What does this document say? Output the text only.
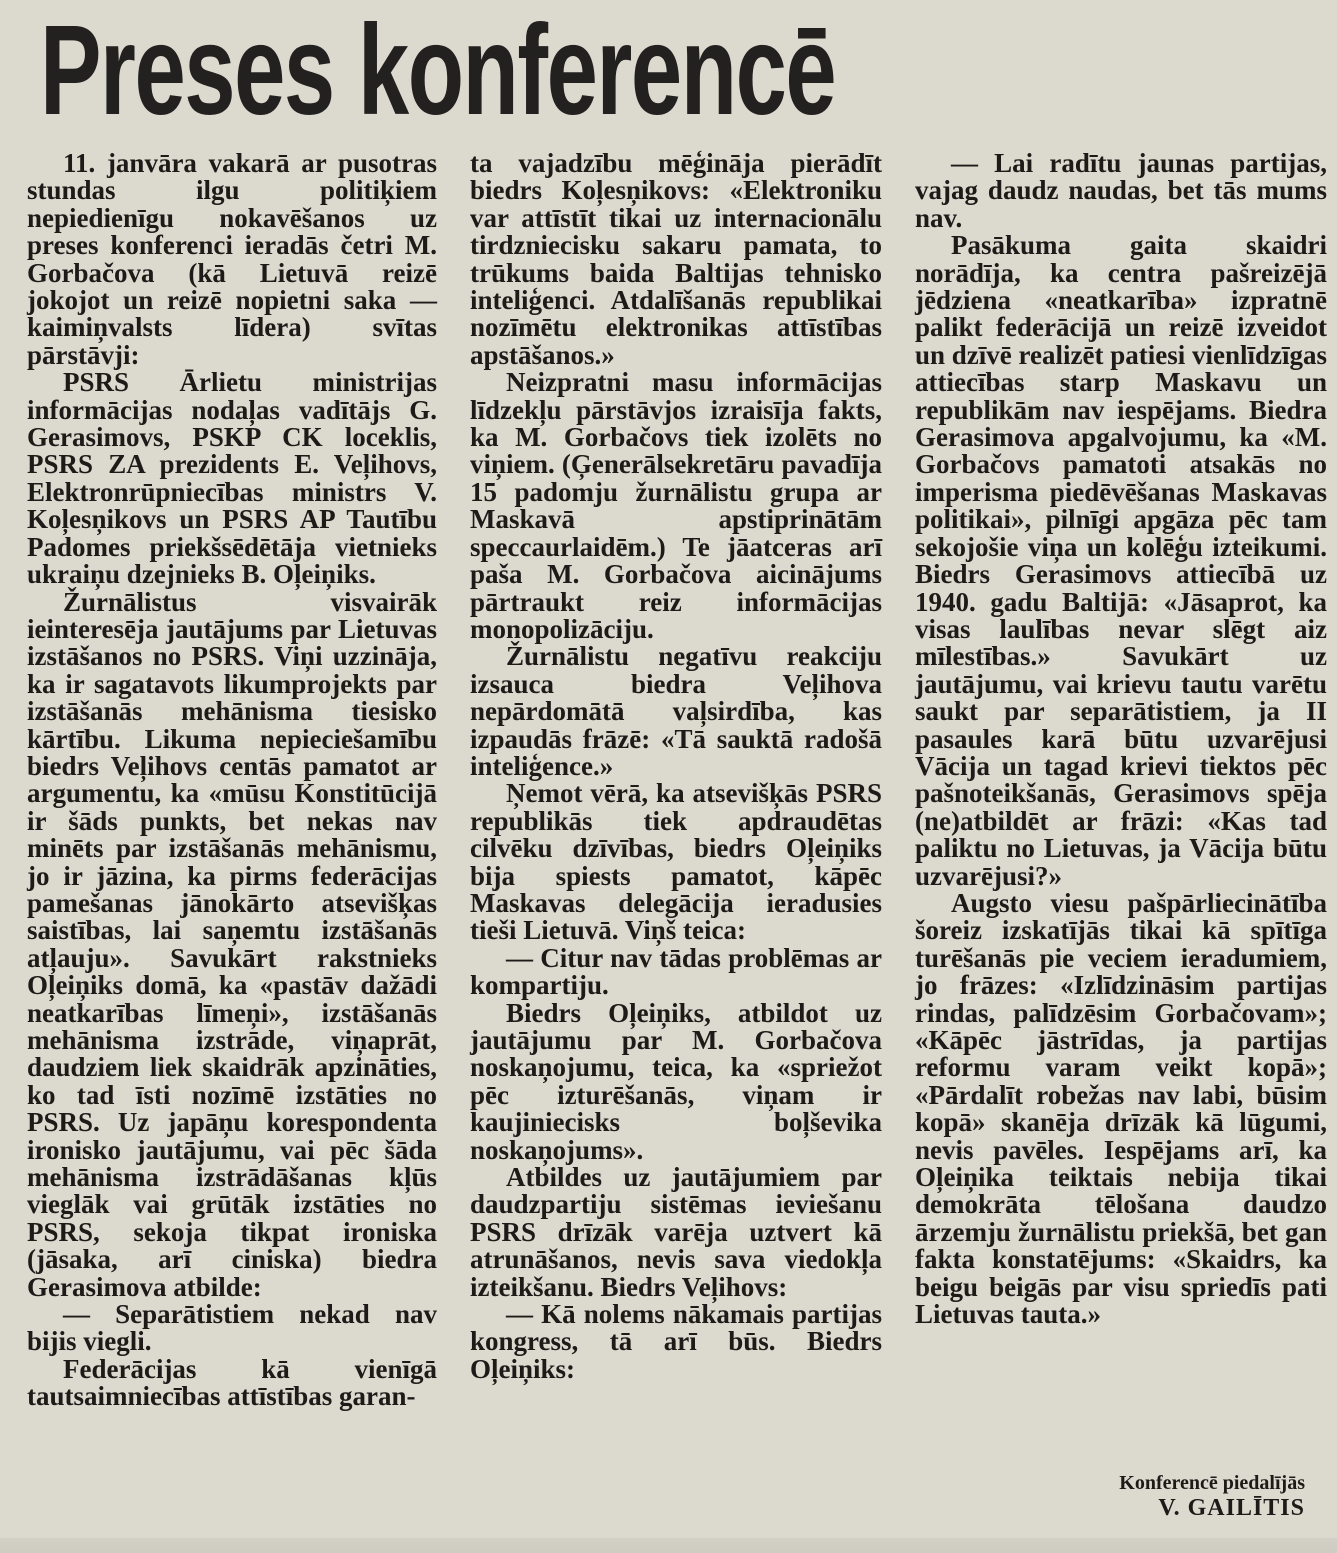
Preses konferencē

11. janvāra vakarā ar pusotras stundas ilgu politiķiem nepiedienīgu nokavēšanos uz preses konferenci ieradās četri M. Gorbačova (kā Lietuvā reizē jokojot un reizē nopietni saka — kaimiņvalsts līdera) svītas pārstāvji:

PSRS Ārlietu ministrijas informācijas nodaļas vadītājs G. Gerasimovs, PSKP CK loceklis, PSRS ZA prezidents E. Veļihovs, Elektronrūpniecības ministrs V. Koļesņikovs un PSRS AP Tautību Padomes priekšsēdētāja vietnieks ukraiņu dzejnieks B. Oļeiņiks.

Žurnālistus visvairāk ieinteresēja jautājums par Lietuvas izstāšanos no PSRS. Viņi uzzināja, ka ir sagatavots likumprojekts par izstāšanās mehānisma tiesisko kārtību. Likuma nepieciešamību biedrs Veļihovs centās pamatot ar argumentu, ka «mūsu Konstitūcijā ir šāds punkts, bet nekas nav minēts par izstāšanās mehānismu, jo ir jāzina, ka pirms federācijas pamešanas jānokārto atsevišķas saistības, lai saņemtu izstāšanās atļauju». Savukārt rakstnieks Oļeiņiks domā, ka «pastāv dažādi neatkarības līmeņi», izstāšanās mehānisma izstrāde, viņaprāt, daudziem liek skaidrāk apzināties, ko tad īsti nozīmē izstāties no PSRS. Uz japāņu korespondenta ironisko jautājumu, vai pēc šāda mehānisma izstrādāšanas kļūs vieglāk vai grūtāk izstāties no PSRS, sekoja tikpat ironiska (jāsaka, arī ciniska) biedra Gerasimova atbilde:

— Separātistiem nekad nav bijis viegli.

Federācijas kā vienīgā tautsaimniecības attīstības garan-

ta vajadzību mēģināja pierādīt biedrs Koļesņikovs: «Elektroniku var attīstīt tikai uz internacionālu tirdzniecisku sakaru pamata, to trūkums baida Baltijas tehnisko inteliģenci. Atdalīšanās republikai nozīmētu elektronikas attīstības apstāšanos.»

Neizpratni masu informācijas līdzekļu pārstāvjos izraisīja fakts, ka M. Gorbačovs tiek izolēts no viņiem. (Ģenerālsekretāru pavadīja 15 padomju žurnālistu grupa ar Maskavā apstiprinātām speccaurlaidēm.) Te jāatceras arī paša M. Gorbačova aicinājums pārtraukt reiz informācijas monopolizāciju.

Žurnālistu negatīvu reakciju izsauca biedra Veļihova nepārdomātā vaļsirdība, kas izpaudās frāzē: «Tā sauktā radošā inteliģence.»

Ņemot vērā, ka atsevišķās PSRS republikās tiek apdraudētas cilvēku dzīvības, biedrs Oļeiņiks bija spiests pamatot, kāpēc Maskavas delegācija ieradusies tieši Lietuvā. Viņš teica:

— Citur nav tādas problēmas ar kompartiju.

Biedrs Oļeiņiks, atbildot uz jautājumu par M. Gorbačova noskaņojumu, teica, ka «spriežot pēc izturēšanās, viņam ir kaujiniecisks boļševika noskaņojums».

Atbildes uz jautājumiem par daudzpartiju sistēmas ieviešanu PSRS drīzāk varēja uztvert kā atrunāšanos, nevis sava viedokļa izteikšanu. Biedrs Veļihovs:

— Kā nolems nākamais partijas kongress, tā arī būs. Biedrs Oļeiņiks:

— Lai radītu jaunas partijas, vajag daudz naudas, bet tās mums nav.

Pasākuma gaita skaidri norādīja, ka centra pašreizējā jēdziena «neatkarība» izpratnē palikt federācijā un reizē izveidot un dzīvē realizēt patiesi vienlīdzīgas attiecības starp Maskavu un republikām nav iespējams. Biedra Gerasimova apgalvojumu, ka «M. Gorbačovs pamatoti atsakās no imperisma piedēvēšanas Maskavas politikai», pilnīgi apgāza pēc tam sekojošie viņa un kolēģu izteikumi. Biedrs Gerasimovs attiecībā uz 1940. gadu Baltijā: «Jāsaprot, ka visas laulības nevar slēgt aiz mīlestības.» Savukārt uz jautājumu, vai krievu tautu varētu saukt par separātistiem, ja II pasaules karā būtu uzvarējusi Vācija un tagad krievi tiektos pēc pašnoteikšanās, Gerasimovs spēja (ne)atbildēt ar frāzi: «Kas tad paliktu no Lietuvas, ja Vācija būtu uzvarējusi?»

Augsto viesu pašpārliecinātība šoreiz izskatījās tikai kā spītīga turēšanās pie veciem ieradumiem, jo frāzes: «Izlīdzināsim partijas rindas, palīdzēsim Gorbačovam»; «Kāpēc jāstrīdas, ja partijas reformu varam veikt kopā»; «Pārdalīt robežas nav labi, būsim kopā» skanēja drīzāk kā lūgumi, nevis pavēles. Iespējams arī, ka Oļeiņika teiktais nebija tikai demokrāta tēlošana daudzo ārzemju žurnālistu priekšā, bet gan fakta konstatējums: «Skaidrs, ka beigu beigās par visu spriedīs pati Lietuvas tauta.»

Konferencē piedalījās
V. GAILĪTIS
